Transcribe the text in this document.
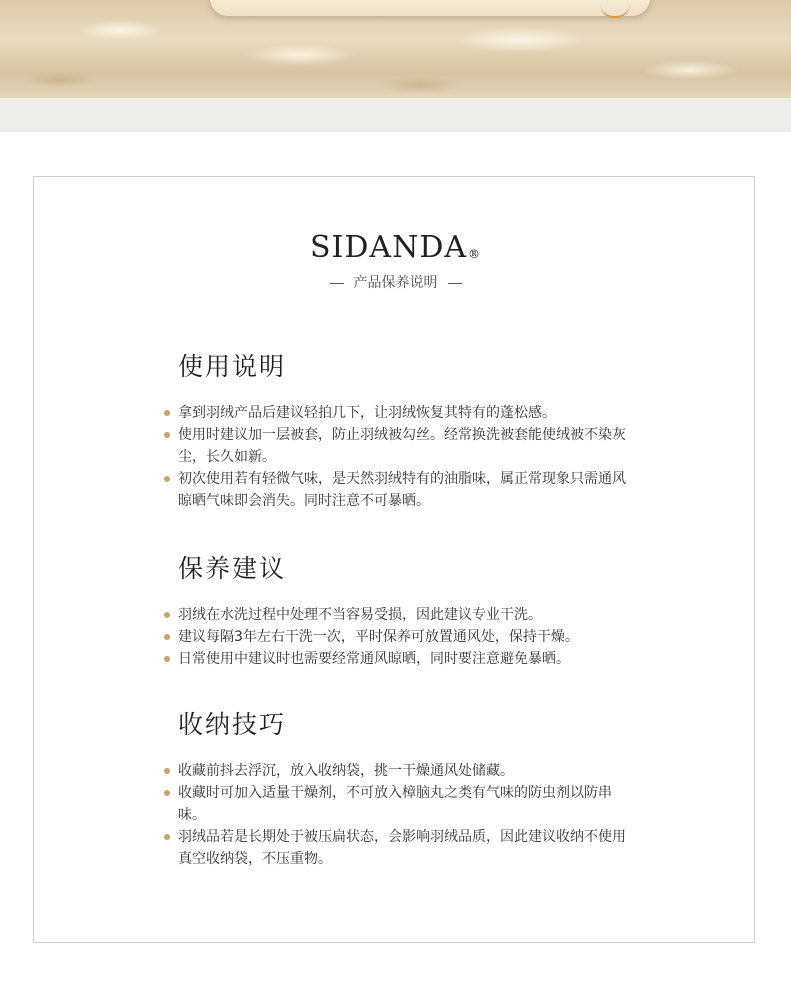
SIDANDA®
产品保养说明
使用说明
拿到羽绒产品后建议轻拍几下，让羽绒恢复其特有的蓬松感。
使用时建议加一层被套，防止羽绒被勾丝。经常换洗被套能使绒被不染灰尘，长久如新。
初次使用若有轻微气味，是天然羽绒特有的油脂味，属正常现象只需通风晾晒气味即会消失。同时注意不可暴晒。
保养建议
羽绒在水洗过程中处理不当容易受损，因此建议专业干洗。
建议每隔3年左右干洗一次，平时保养可放置通风处，保持干燥。
日常使用中建议时也需要经常通风晾晒，同时要注意避免暴晒。
收纳技巧
收藏前抖去浮沉，放入收纳袋，挑一干燥通风处储藏。
收藏时可加入适量干燥剂，不可放入樟脑丸之类有气味的防虫剂以防串味。
羽绒品若是长期处于被压扁状态，会影响羽绒品质，因此建议收纳不使用真空收纳袋，不压重物。
